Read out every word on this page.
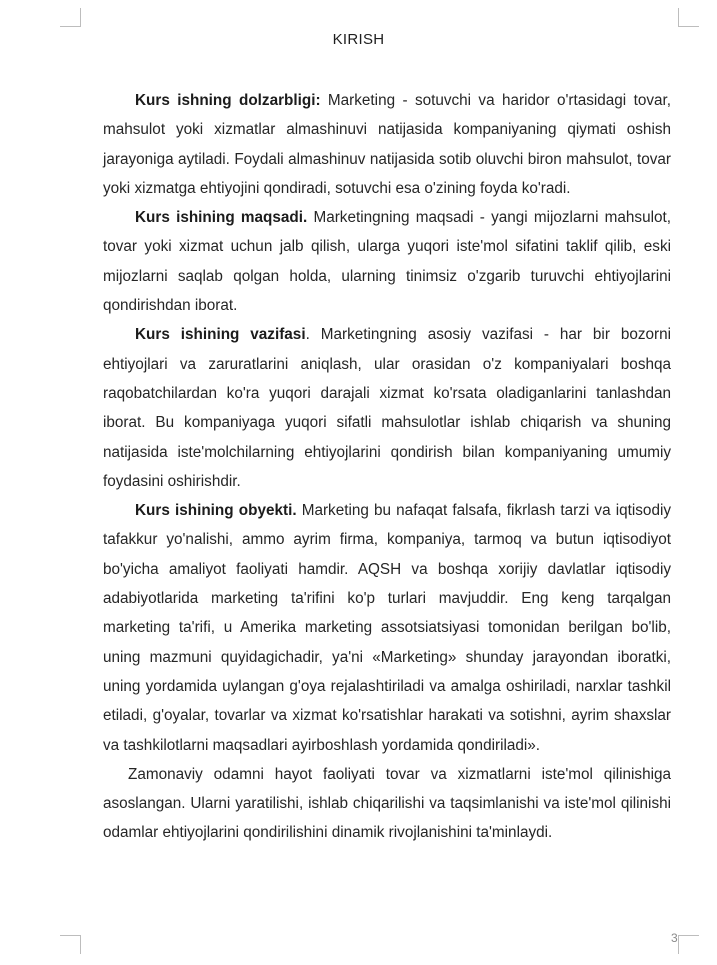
KIRISH

Kurs ishning dolzarbligi: Marketing - sotuvchi va haridor o'rtasidagi tovar, mahsulot yoki xizmatlar almashinuvi natijasida kompaniyaning qiymati oshish jarayoniga aytiladi. Foydali almashinuv natijasida sotib oluvchi biron mahsulot, tovar yoki xizmatga ehtiyojini qondiradi, sotuvchi esa o'zining foyda ko'radi.

Kurs ishining maqsadi. Marketingning maqsadi - yangi mijozlarni mahsulot, tovar yoki xizmat uchun jalb qilish, ularga yuqori iste'mol sifatini taklif qilib, eski mijozlarni saqlab qolgan holda, ularning tinimsiz o'zgarib turuvchi ehtiyojlarini qondirishdan iborat.

Kurs ishining vazifasi. Marketingning asosiy vazifasi - har bir bozorni ehtiyojlari va zaruratlarini aniqlash, ular orasidan o'z kompaniyalari boshqa raqobatchilardan ko'ra yuqori darajali xizmat ko'rsata oladiganlarini tanlashdan iborat. Bu kompaniyaga yuqori sifatli mahsulotlar ishlab chiqarish va shuning natijasida iste'molchilarning ehtiyojlarini qondirish bilan kompaniyaning umumiy foydasini oshirishdir.

Kurs ishining obyekti. Marketing bu nafaqat falsafa, fikrlash tarzi va iqtisodiy tafakkur yo'nalishi, ammo ayrim firma, kompaniya, tarmoq va butun iqtisodiyot bo'yicha amaliyot faoliyati hamdir. AQSH va boshqa xorijiy davlatlar iqtisodiy adabiyotlarida marketing ta'rifini ko'p turlari mavjuddir. Eng keng tarqalgan marketing ta'rifi, u Amerika marketing assotsiatsiyasi tomonidan berilgan bo'lib, uning mazmuni quyidagichadir, ya'ni «Marketing» shunday jarayondan iboratki, uning yordamida uylangan g'oya rejalashtiriladi va amalga oshiriladi, narxlar tashkil etiladi, g'oyalar, tovarlar va xizmat ko'rsatishlar harakati va sotishni, ayrim shaxslar va tashkilotlarni maqsadlari ayirboshlash yordamida qondiriladi».

Zamonaviy odamni hayot faoliyati tovar va xizmatlarni iste'mol qilinishiga asoslangan. Ularni yaratilishi, ishlab chiqarilishi va taqsimlanishi va iste'mol qilinishi odamlar ehtiyojlarini qondirilishini dinamik rivojlanishini ta'minlaydi.

3
